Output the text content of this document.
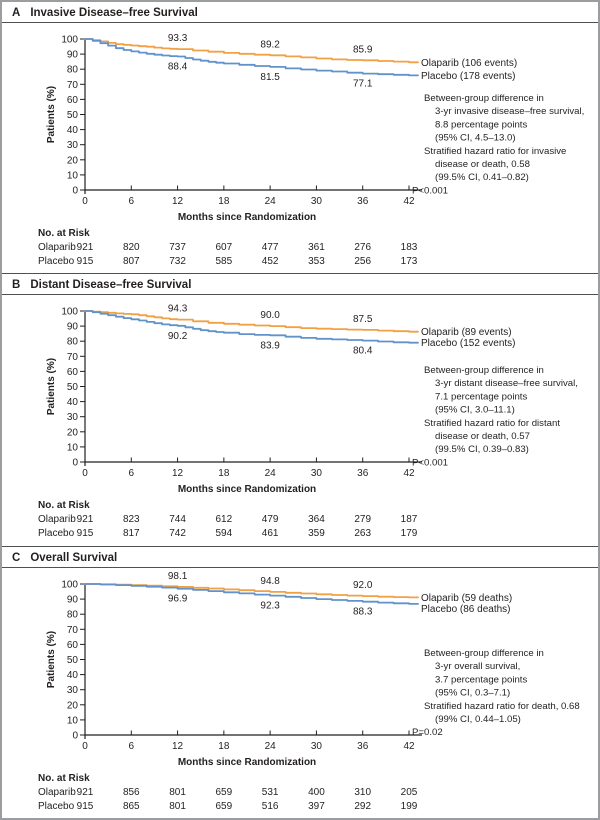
A Invasive Disease–free Survival
0
10
20
30
40
50
60
70
80
90
100
0	6	12	18	24	30	36	42
Patients (%)
Months since Randomization
93.3
89.2	85.9
88.4
81.5
77.1
Olaparib (106 events)
Placebo (178 events)
Between-group difference in
3-yr invasive disease–free survival,
8.8 percentage points
(95% CI, 4.5–13.0)
Stratified hazard ratio for invasive
disease or death, 0.58
(99.5% CI, 0.41–0.82)
P<0.001
No. at Risk
Olaparib 921	820	737	607	477	361	276	183
Placebo 915	807	732	585	452	353	256	173
B Distant Disease–free Survival
0
10
20
30
40
50
60
70
80
90
100
0	6	12	18	24	30	36	42
Patients (%)
Months since Randomization
94.3
90.0	87.5
90.2
83.9	80.4
Olaparib (89 events)
Placebo (152 events)
Between-group difference in
3-yr distant disease–free survival,
7.1 percentage points
(95% CI, 3.0–11.1)
Stratified hazard ratio for distant
disease or death, 0.57
(99.5% CI, 0.39–0.83)
P<0.001
No. at Risk
Olaparib 921	823	744	612	479	364	279	187
Placebo 915	817	742	594	461	359	263	179
C Overall Survival
0
10
20
30
40
50
60
70
80
90
100
0	6	12	18	24	30	36	42
Patients (%)
Months since Randomization
98.1	94.8	92.0
96.9
92.3
88.3
Olaparib (59 deaths)
Placebo (86 deaths)
Between-group difference in
3-yr overall survival,
3.7 percentage points
(95% CI, 0.3–7.1)
Stratified hazard ratio for death, 0.68
(99% CI, 0.44–1.05)
P=0.02
No. at Risk
Olaparib 921	856	801	659	531	400	310	205
Placebo 915	865	801	659	516	397	292	199
